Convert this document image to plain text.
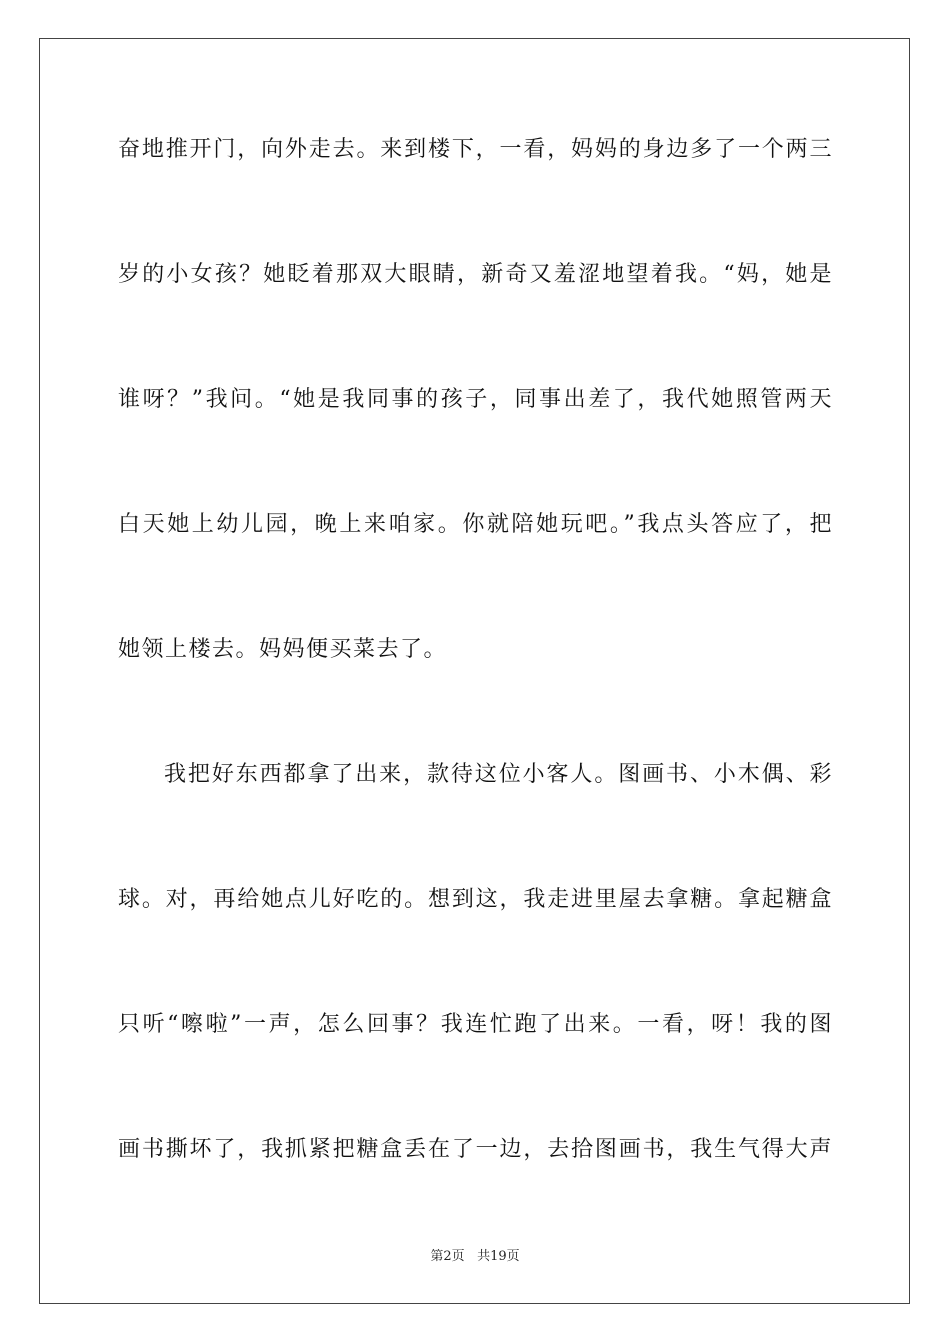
奋地推开门，向外走去。来到楼下，一看，妈妈的身边多了一个两三
岁的小女孩？她眨着那双大眼睛，新奇又羞涩地望着我。“妈，她是
谁呀？”我问。“她是我同事的孩子，同事出差了，我代她照管两天
白天她上幼儿园，晚上来咱家。你就陪她玩吧。”我点头答应了，把
她领上楼去。妈妈便买菜去了。
我把好东西都拿了出来，款待这位小客人。图画书、小木偶、彩
球。对，再给她点儿好吃的。想到这，我走进里屋去拿糖。拿起糖盒
只听“嚓啦”一声，怎么回事？我连忙跑了出来。一看，呀！我的图
画书撕坏了，我抓紧把糖盒丢在了一边，去拾图画书，我生气得大声
第2页 共19页
